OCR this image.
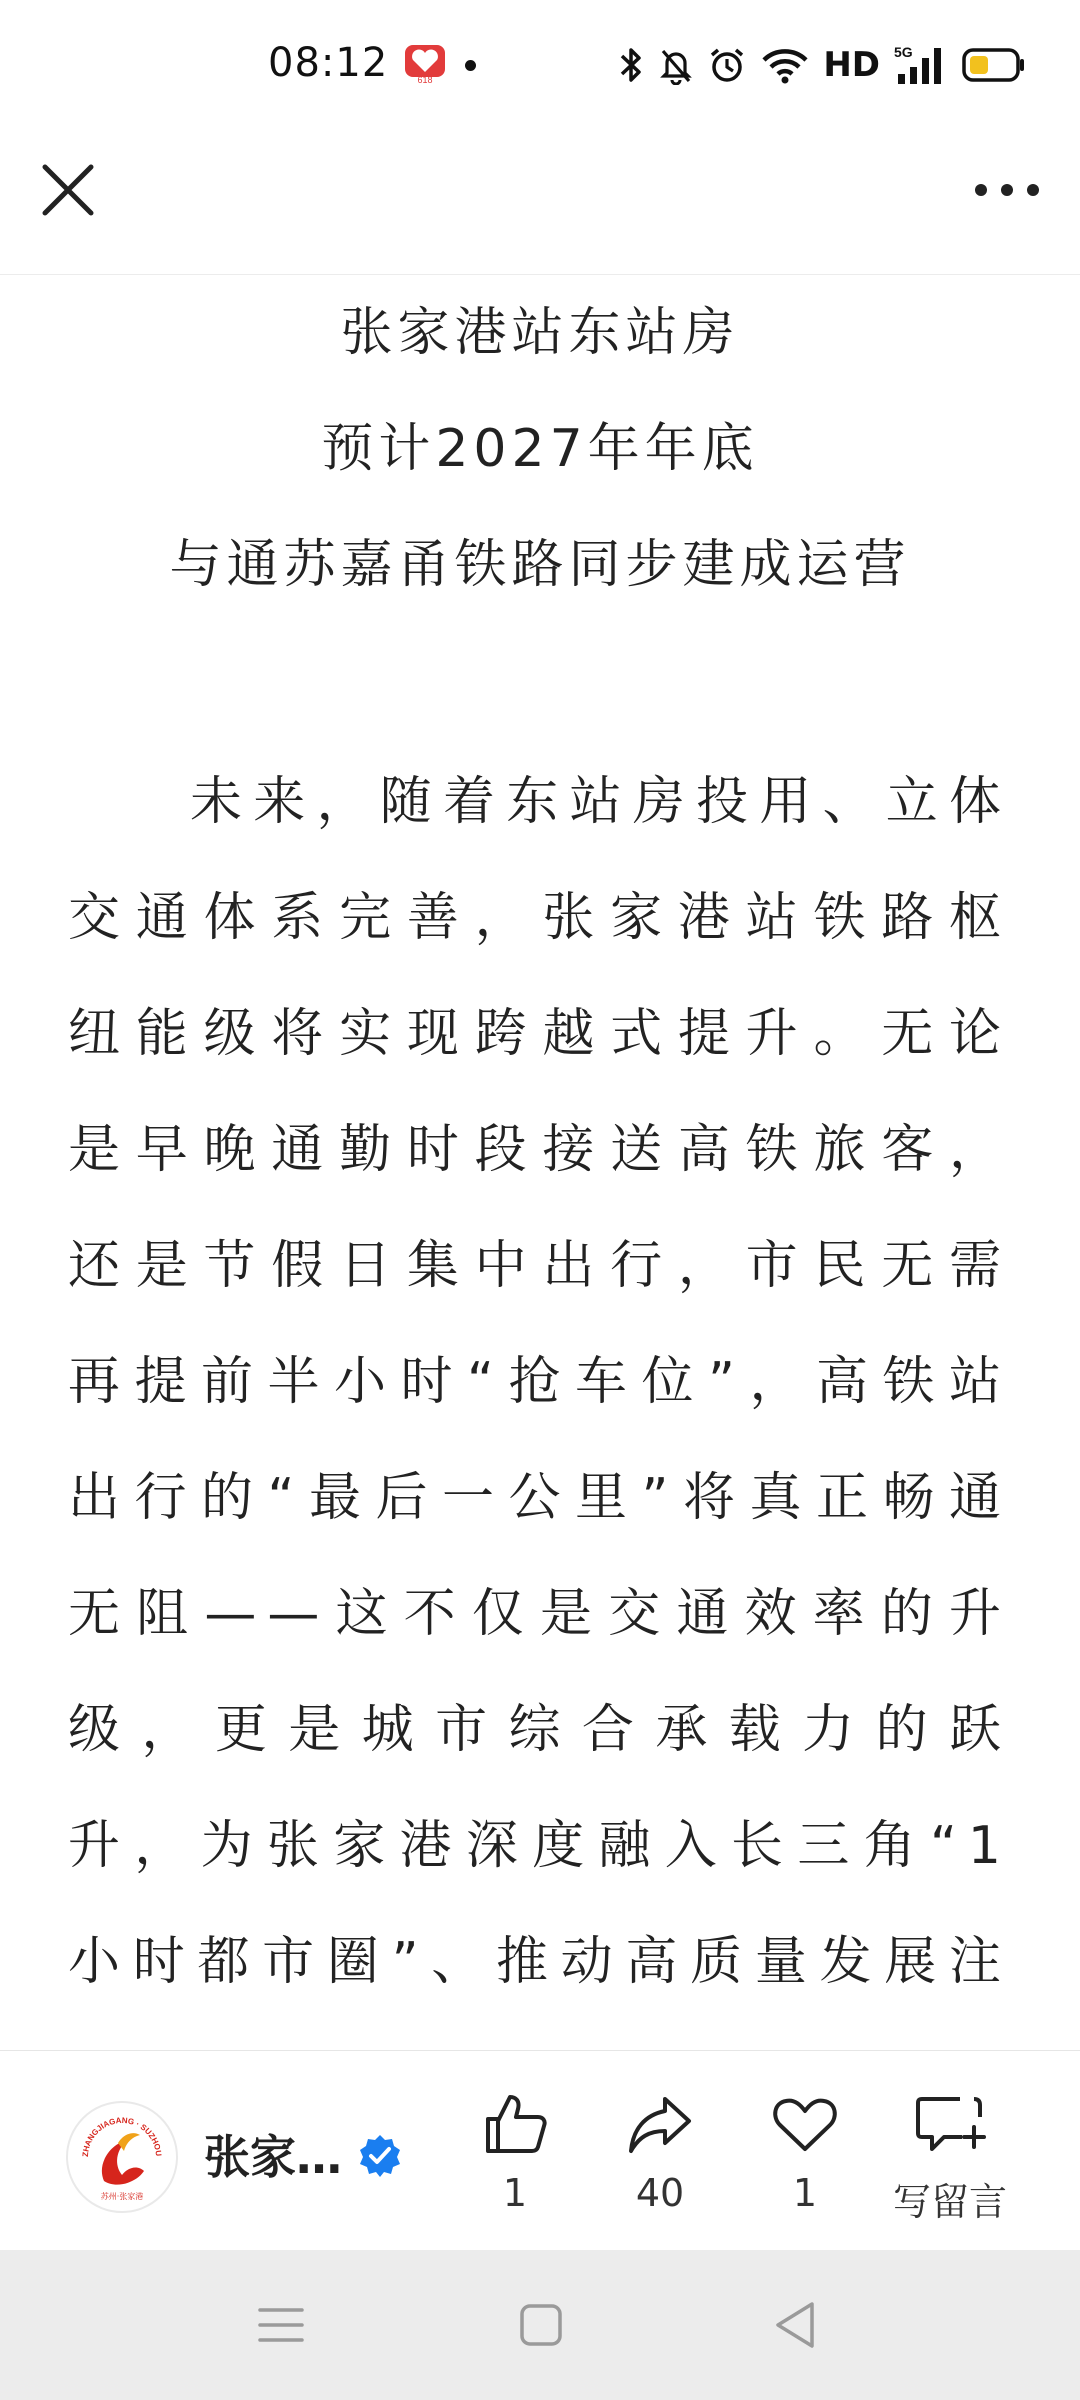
08:12	618	HD 5G
张家港站东站房
预计2027年年底
与通苏嘉甬铁路同步建成运营

未来，随着东站房投用、立体交通体系完善，张家港站铁路枢纽能级将实现跨越式提升。无论是早晚通勤时段接送高铁旅客，还是节假日集中出行，市民无需再提前半小时“抢车位”，高铁站出行的“最后一公里”将真正畅通无阻——这不仅是交通效率的升级，更是城市综合承载力的跃升，为张家港深度融入长三角“1小时都市圈”、推动高质量发展注

ZHANGJIAGANG · SUZHOU
苏州·张家港
张家…
1	40	1	写留言
